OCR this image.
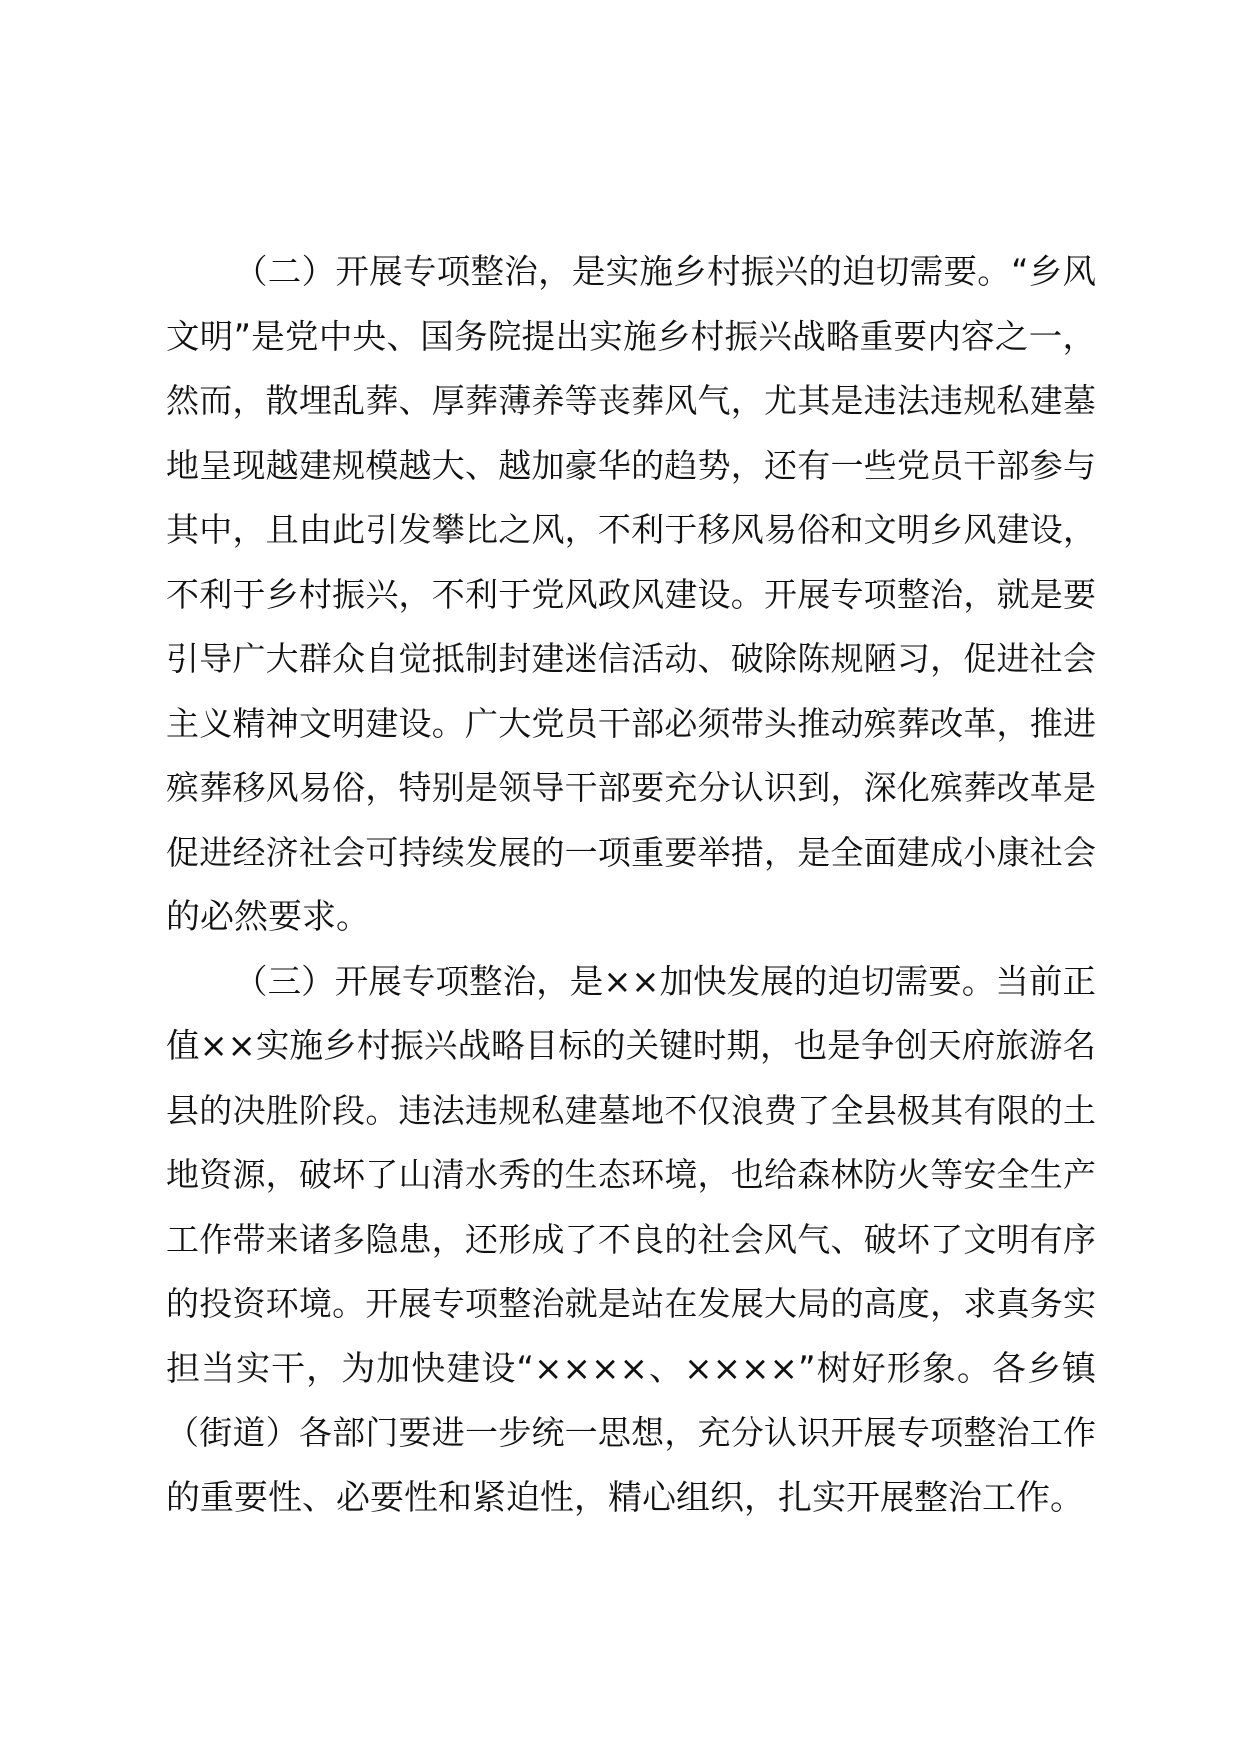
（二）开展专项整治，是实施乡村振兴的迫切需要。“乡风
文明”是党中央、国务院提出实施乡村振兴战略重要内容之一，
然而，散埋乱葬、厚葬薄养等丧葬风气，尤其是违法违规私建墓
地呈现越建规模越大、越加豪华的趋势，还有一些党员干部参与
其中，且由此引发攀比之风，不利于移风易俗和文明乡风建设，
不利于乡村振兴，不利于党风政风建设。开展专项整治，就是要
引导广大群众自觉抵制封建迷信活动、破除陈规陋习，促进社会
主义精神文明建设。广大党员干部必须带头推动殡葬改革，推进
殡葬移风易俗，特别是领导干部要充分认识到，深化殡葬改革是
促进经济社会可持续发展的一项重要举措，是全面建成小康社会
的必然要求。
（三）开展专项整治，是××加快发展的迫切需要。当前正
值××实施乡村振兴战略目标的关键时期，也是争创天府旅游名
县的决胜阶段。违法违规私建墓地不仅浪费了全县极其有限的土
地资源，破坏了山清水秀的生态环境，也给森林防火等安全生产
工作带来诸多隐患，还形成了不良的社会风气、破坏了文明有序
的投资环境。开展专项整治就是站在发展大局的高度，求真务实
担当实干，为加快建设“××××、××××”树好形象。各乡镇
（街道）各部门要进一步统一思想，充分认识开展专项整治工作
的重要性、必要性和紧迫性，精心组织，扎实开展整治工作。
